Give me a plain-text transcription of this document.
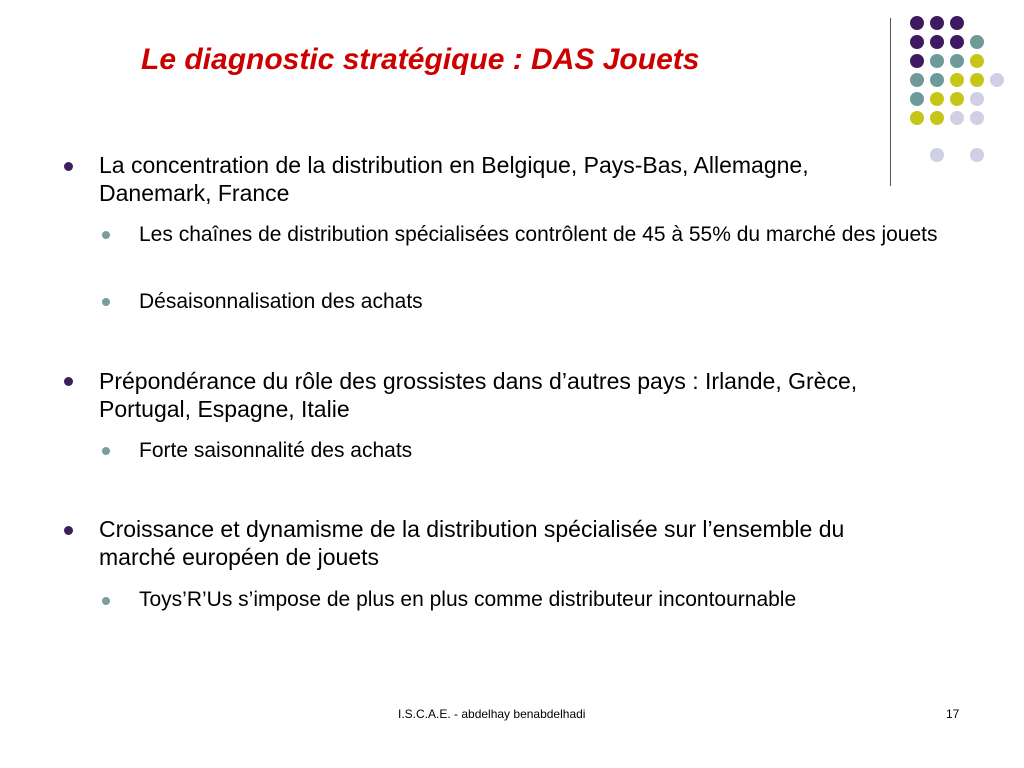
Le diagnostic stratégique : DAS Jouets
La concentration de la distribution en Belgique, Pays-Bas, Allemagne, Danemark, France
Les chaînes de distribution spécialisées contrôlent de 45 à 55% du marché des jouets
Désaisonnalisation des achats
Prépondérance du rôle des grossistes dans d’autres pays : Irlande, Grèce, Portugal, Espagne, Italie
Forte saisonnalité des achats
Croissance et dynamisme de la distribution spécialisée sur l’ensemble du marché européen de jouets
Toys’R’Us s’impose de plus en plus comme distributeur incontournable
I.S.C.A.E. - abdelhay benabdelhadi	17
